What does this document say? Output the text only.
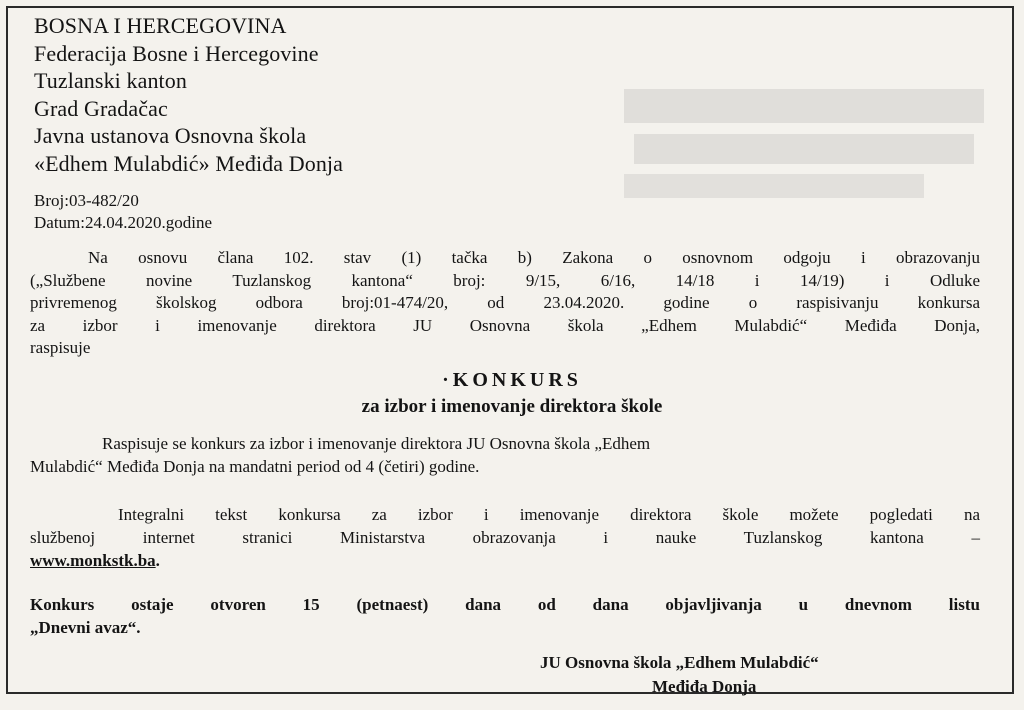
BOSNA I HERCEGOVINA
Federacija Bosne i Hercegovine
Tuzlanski kanton
Grad Gradačac
Javna ustanova Osnovna škola
«Edhem Mulabdić» Međiđa Donja
Broj:03-482/20
Datum:24.04.2020.godine
Na osnovu člana 102. stav (1) tačka b) Zakona o osnovnom odgoju i obrazovanju
(„Službene novine Tuzlanskog kantona“ broj: 9/15, 6/16, 14/18 i 14/19) i Odluke
privremenog školskog odbora broj:01-474/20, od 23.04.2020. godine o raspisivanju konkursa
za izbor i imenovanje direktora JU Osnovna škola „Edhem Mulabdić“ Međiđa Donja,
raspisuje
·KONKURS
za izbor i imenovanje direktora škole
Raspisuje se konkurs za izbor i imenovanje direktora JU Osnovna škola „Edhem
Mulabdić“ Međiđa Donja na mandatni period od 4 (četiri) godine.
Integralni tekst konkursa za izbor i imenovanje direktora škole možete pogledati na
službenoj internet stranici Ministarstva obrazovanja i nauke Tuzlanskog kantona –
www.monkstk.ba.
Konkurs ostaje otvoren 15 (petnaest) dana od dana objavljivanja u dnevnom listu
„Dnevni avaz“.
JU Osnovna škola „Edhem Mulabdić“
Međiđa Donja
